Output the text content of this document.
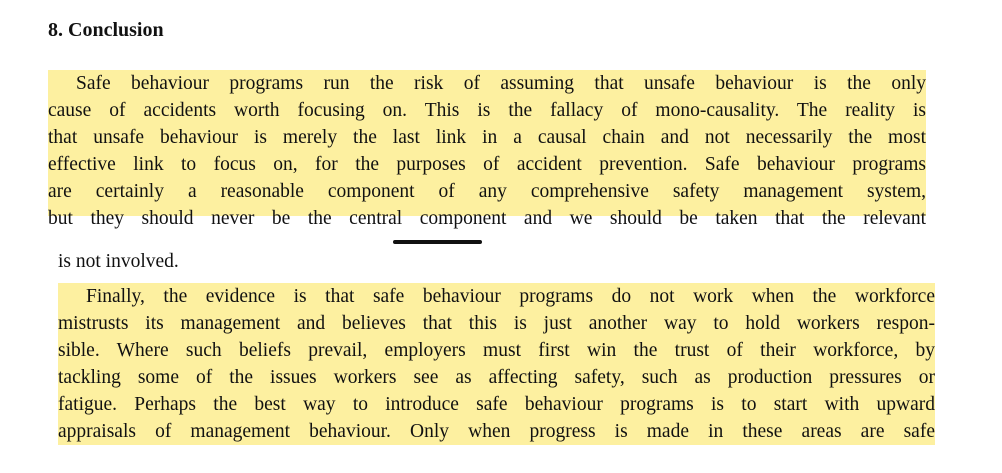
8. Conclusion
Safe behaviour programs run the risk of assuming that unsafe behaviour is the only
cause of accidents worth focusing on. This is the fallacy of mono-causality. The reality is
that unsafe behaviour is merely the last link in a causal chain and not necessarily the most
effective link to focus on, for the purposes of accident prevention. Safe behaviour programs
are certainly a reasonable component of any comprehensive safety management system,
but they should never be the central component and we should be taken that the relevant
is not involved.
Finally, the evidence is that safe behaviour programs do not work when the workforce
mistrusts its management and believes that this is just another way to hold workers respon-
sible. Where such beliefs prevail, employers must first win the trust of their workforce, by
tackling some of the issues workers see as affecting safety, such as production pressures or
fatigue. Perhaps the best way to introduce safe behaviour programs is to start with upward
appraisals of management behaviour. Only when progress is made in these areas are safe
